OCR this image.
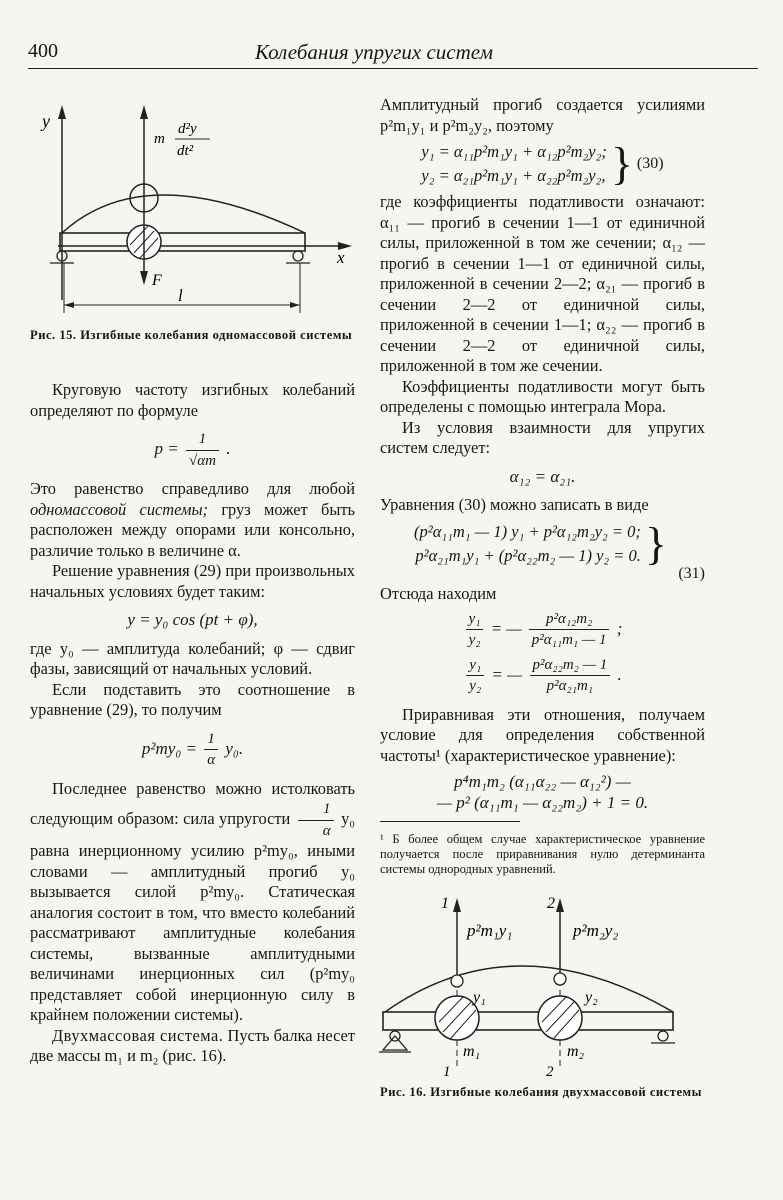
400	Колебания упругих систем
y
x
m
d²y
dt²
F
l
Рис. 15. Изгибные колебания одномассовой системы

Круговую частоту изгибных колебаний определяют по формуле

$p = \frac{1}{√\alpha m}$ .

Это равенство справедливо для любой одномассовой системы; груз может быть расположен между опорами или консольно, различие только в величине α.

Решение уравнения (29) при произвольных начальных условиях будет таким:

y = y₀ cos (pt + φ),

где y₀ — амплитуда колебаний; φ — сдвиг фазы, зависящий от начальных условий.

Если подставить это соотношение в уравнение (29), то получим

$p^2my_0 = \frac{1}{\alpha} y_0$.

Последнее равенство можно истолковать следующим образом: сила упругости $\frac{1}{\alpha} y_0$ равна инерционному усилию p²my₀, иными словами — амплитудный прогиб y₀ вызывается силой p²my₀. Статическая аналогия состоит в том, что вместо колебаний рассматривают амплитудные колебания системы, вызванные амплитудными величинами инерционных сил (p²my₀ представляет собой инерционную силу в крайнем положении системы).

Двухмассовая система. Пусть балка несет две массы m₁ и m₂ (рис. 16).

Амплитудный прогиб создается усилиями p²m₁y₁ и p²m₂y₂, поэтому

y₁ = α₁₁p²m₁y₁ + α₁₂p²m₂y₂;
y₂ = α₂₁p²m₁y₁ + α₂₂p²m₂y₂, } (30)

где коэффициенты податливости означают: α₁₁ — прогиб в сечении 1—1 от единичной силы, приложенной в том же сечении; α₁₂ — прогиб в сечении 1—1 от единичной силы, приложенной в сечении 2—2; α₂₁ — прогиб в сечении 2—2 от единичной силы, приложенной в сечении 1—1; α₂₂ — прогиб в сечении 2—2 от единичной силы, приложенной в том же сечении.

Коэффициенты податливости могут быть определены с помощью интеграла Мора.

Из условия взаимности для упругих систем следует:

α₁₂ = α₂₁.

Уравнения (30) можно записать в виде

(p²α₁₁m₁ — 1) y₁ + p²α₁₂m₂y₂ = 0;
p²α₂₁m₁y₁ + (p²α₂₂m₂ — 1) y₂ = 0. }
(31)

Отсюда находим

$\frac{\text{y₁}}{\text{y₂}}$ = — $\frac{\text{p²α₁₂m₂}}{\text{p²α₁₁m₁ — 1}}$ ;
$\frac{\text{y₁}}{\text{y₂}}$ = — $\frac{\text{p²α₂₂m₂ — 1}}{\text{p²α₂₁m₁}}$ .

Приравнивая эти отношения, получаем условие для определения собственной частоты¹ (характеристическое уравнение):

p⁴m₁m₂ (α₁₁α₂₂ — α₁₂²) —
— p² (α₁₁m₁ — α₂₂m₂) + 1 = 0.
¹ Б более общем случае характеристическое уравнение получается после приравнивания нулю детерминанта системы однородных уравнений.
1	2
p²m₁y₁	p²m₂y₂
y₁	y₂
m₁	m₂
1	2
Рис. 16. Изгибные колебания двухмассовой системы
